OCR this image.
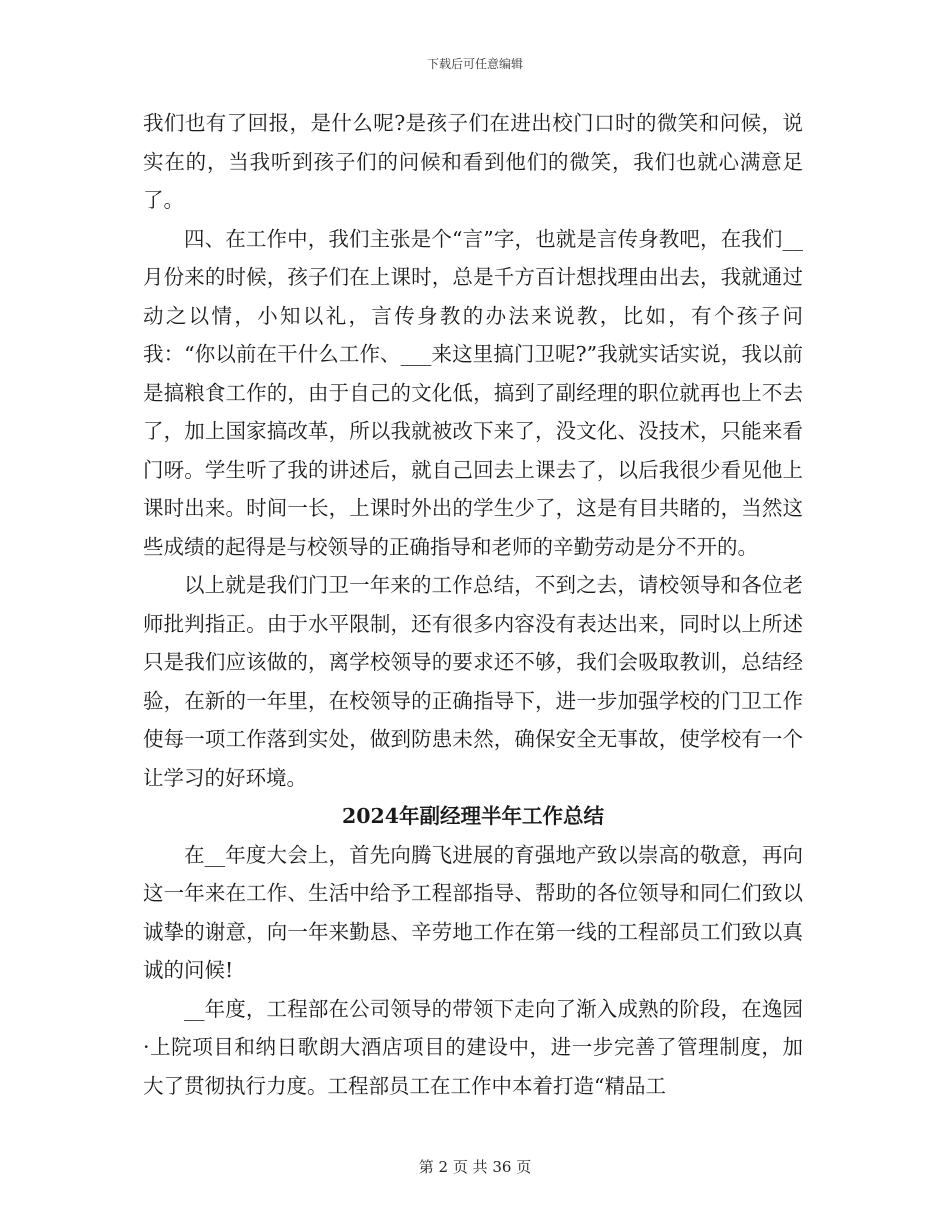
下载后可任意编辑

我们也有了回报，是什么呢?是孩子们在进出校门口时的微笑和问候，说实在的，当我听到孩子们的问候和看到他们的微笑，我们也就心满意足了。

四、在工作中，我们主张是个“言”字，也就是言传身教吧，在我们__月份来的时候，孩子们在上课时，总是千方百计想找理由出去，我就通过动之以情，小知以礼，言传身教的办法来说教，比如，有个孩子问我：“你以前在干什么工作、___来这里搞门卫呢?”我就实话实说，我以前是搞粮食工作的，由于自己的文化低，搞到了副经理的职位就再也上不去了，加上国家搞改革，所以我就被改下来了，没文化、没技术，只能来看门呀。学生听了我的讲述后，就自己回去上课去了，以后我很少看见他上课时出来。时间一长，上课时外出的学生少了，这是有目共睹的，当然这些成绩的起得是与校领导的正确指导和老师的辛勤劳动是分不开的。

以上就是我们门卫一年来的工作总结，不到之去，请校领导和各位老师批判指正。由于水平限制，还有很多内容没有表达出来，同时以上所述只是我们应该做的，离学校领导的要求还不够，我们会吸取教训，总结经验，在新的一年里，在校领导的正确指导下，进一步加强学校的门卫工作使每一项工作落到实处，做到防患未然，确保安全无事故，使学校有一个让学习的好环境。

2024年副经理半年工作总结

在__年度大会上，首先向腾飞进展的育强地产致以崇高的敬意，再向这一年来在工作、生活中给予工程部指导、帮助的各位领导和同仁们致以诚挚的谢意，向一年来勤恳、辛劳地工作在第一线的工程部员工们致以真诚的问候!

__年度，工程部在公司领导的带领下走向了渐入成熟的阶段，在逸园·上院项目和纳日歌朗大酒店项目的建设中，进一步完善了管理制度，加大了贯彻执行力度。工程部员工在工作中本着打造“精品工

第 2 页 共 36 页
